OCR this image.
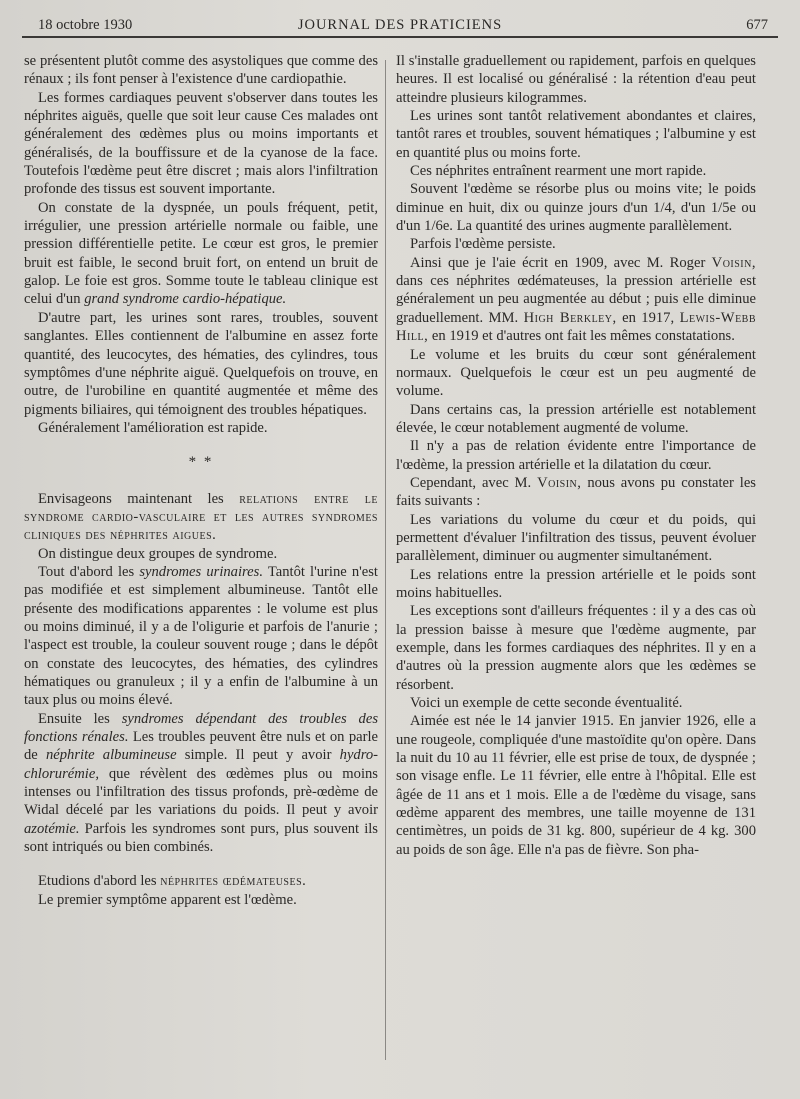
18 octobre 1930	JOURNAL DES PRATICIENS	677

se présentent plutôt comme des asystoliques que comme des rénaux ; ils font penser à l'existence d'une cardiopathie.

Les formes cardiaques peuvent s'observer dans toutes les néphrites aiguës, quelle que soit leur cause Ces malades ont généralement des œdèmes plus ou moins importants et généralisés, de la bouffissure et de la cyanose de la face. Toutefois l'œdème peut être discret ; mais alors l'infiltration profonde des tissus est souvent importante.

On constate de la dyspnée, un pouls fréquent, petit, irrégulier, une pression artérielle normale ou faible, une pression différentielle petite. Le cœur est gros, le premier bruit est faible, le second bruit fort, on entend un bruit de galop. Le foie est gros. Somme toute le tableau clinique est celui d'un grand syndrome cardio-hépatique.

D'autre part, les urines sont rares, troubles, souvent sanglantes. Elles contiennent de l'albumine en assez forte quantité, des leucocytes, des hématies, des cylindres, tous symptômes d'une néphrite aiguë. Quelquefois on trouve, en outre, de l'urobiline en quantité augmentée et même des pigments biliaires, qui témoignent des troubles hépatiques.

Généralement l'amélioration est rapide.

* *

Envisageons maintenant les relations entre le syndrome cardio-vasculaire et les autres syndromes cliniques des néphrites aigues.

On distingue deux groupes de syndrome.

Tout d'abord les syndromes urinaires. Tantôt l'urine n'est pas modifiée et est simplement albumineuse. Tantôt elle présente des modifications apparentes : le volume est plus ou moins diminué, il y a de l'oligurie et parfois de l'anurie ; l'aspect est trouble, la couleur souvent rouge ; dans le dépôt on constate des leucocytes, des hématies, des cylindres hématiques ou granuleux ; il y a enfin de l'albumine à un taux plus ou moins élevé.

Ensuite les syndromes dépendant des troubles des fonctions rénales. Les troubles peuvent être nuls et on parle de néphrite albumineuse simple. Il peut y avoir hydro-chlorurémie, que révèlent des œdèmes plus ou moins intenses ou l'infiltration des tissus profonds, prè-œdème de Widal décelé par les variations du poids. Il peut y avoir azotémie. Parfois les syndromes sont purs, plus souvent ils sont intriqués ou bien combinés.

Etudions d'abord les néphrites œdémateuses.

Le premier symptôme apparent est l'œdème.

Il s'installe graduellement ou rapidement, parfois en quelques heures. Il est localisé ou généralisé : la rétention d'eau peut atteindre plusieurs kilogrammes.

Les urines sont tantôt relativement abondantes et claires, tantôt rares et troubles, souvent hématiques ; l'albumine y est en quantité plus ou moins forte.

Ces néphrites entraînent rearment une mort rapide.

Souvent l'œdème se résorbe plus ou moins vite; le poids diminue en huit, dix ou quinze jours d'un 1/4, d'un 1/5e ou d'un 1/6e. La quantité des urines augmente parallèlement.

Parfois l'œdème persiste.

Ainsi que je l'aie écrit en 1909, avec M. Roger Voisin, dans ces néphrites œdémateuses, la pression artérielle est généralement un peu augmentée au début ; puis elle diminue graduellement. MM. High Berkley, en 1917, Lewis-Webb Hill, en 1919 et d'autres ont fait les mêmes constatations.

Le volume et les bruits du cœur sont généralement normaux. Quelquefois le cœur est un peu augmenté de volume.

Dans certains cas, la pression artérielle est notablement élevée, le cœur notablement augmenté de volume.

Il n'y a pas de relation évidente entre l'importance de l'œdème, la pression artérielle et la dilatation du cœur.

Cependant, avec M. Voisin, nous avons pu constater les faits suivants :

Les variations du volume du cœur et du poids, qui permettent d'évaluer l'infiltration des tissus, peuvent évoluer parallèlement, diminuer ou augmenter simultanément.

Les relations entre la pression artérielle et le poids sont moins habituelles.

Les exceptions sont d'ailleurs fréquentes : il y a des cas où la pression baisse à mesure que l'œdème augmente, par exemple, dans les formes cardiaques des néphrites. Il y en a d'autres où la pression augmente alors que les œdèmes se résorbent.

Voici un exemple de cette seconde éventualité.

Aimée est née le 14 janvier 1915. En janvier 1926, elle a une rougeole, compliquée d'une mastoïdite qu'on opère. Dans la nuit du 10 au 11 février, elle est prise de toux, de dyspnée ; son visage enfle. Le 11 février, elle entre à l'hôpital. Elle est âgée de 11 ans et 1 mois. Elle a de l'œdème du visage, sans œdème apparent des membres, une taille moyenne de 131 centimètres, un poids de 31 kg. 800, supérieur de 4 kg. 300 au poids de son âge. Elle n'a pas de fièvre. Son pha-
